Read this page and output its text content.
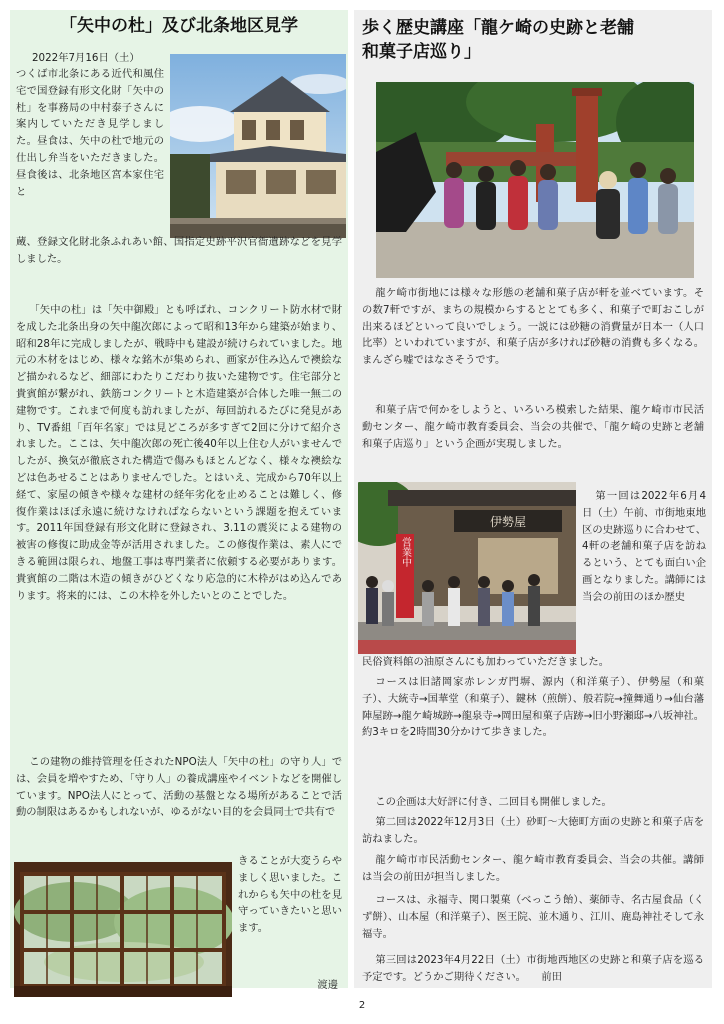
「矢中の杜」及び北条地区見学

2022年7月16日（土）

つくば市北条にある近代和風住宅で国登録有形文化財「矢中の杜」を事務局の中村泰子さんに案内していただき見学しました。昼食は、矢中の杜で地元の仕出し弁当をいただきました。昼食後は、北条地区宮本家住宅と

蔵、登録文化財北条ふれあい館、国指定史跡平沢官衙遺跡などを見学しました。

「矢中の杜」は「矢中御殿」とも呼ばれ、コンクリート防水材で財を成した北条出身の矢中龍次郎によって昭和13年から建築が始まり、昭和28年に完成しましたが、戦時中も建設が続けられていました。地元の木材をはじめ、様々な銘木が集められ、画家が住み込んで襖絵など描かれるなど、細部にわたりこだわり抜いた建物です。住宅部分と貴賓館が繋がれ、鉄筋コンクリートと木造建築が合体した唯一無二の建物です。これまで何度も訪れましたが、毎回訪れるたびに発見があり、TV番組「百年名家」では見どころが多すぎて2回に分けて紹介されました。ここは、矢中龍次郎の死亡後40年以上住む人がいませんでしたが、換気が徹底された構造で傷みもほとんどなく、様々な襖絵などは色あせることはありませんでした。とはいえ、完成から70年以上経て、家屋の傾きや様々な建材の経年劣化を止めることは難しく、修復作業はほぼ永遠に続けなければならないという課題を抱えています。2011年国登録有形文化財に登録され、3.11の震災による建物の被害の修復に助成金等が活用されました。この修復作業は、素人にできる範囲は限られ、地盤工事は専門業者に依頼する必要があります。貴賓館の二階は木造の傾きがひどくなり応急的に木枠がはめ込んであります。将来的には、この木枠を外したいとのことでした。

この建物の維持管理を任されたNPO法人「矢中の杜」の守り人」では、会員を増やすため、「守り人」の養成講座やイベントなどを開催しています。NPO法人にとって、活動の基盤となる場所があることで活動の制限はあるかもしれないが、ゆるがない目的を会員同士で共有で

きることが大変うらやましく思いました。これからも矢中の杜を見守っていきたいと思います。

渡邊
歩く歴史講座「龍ケ崎の史跡と老舗
和菓子店巡り」

龍ケ崎市街地には様々な形態の老舗和菓子店が軒を並べています。その数7軒ですが、まちの規模からするととても多く、和菓子で町おこしが出来るほどといって良いでしょう。一説には砂糖の消費量が日本一（人口比率）といわれていますが、和菓子店が多ければ砂糖の消費も多くなる。まんざら嘘ではなさそうです。

和菓子店で何かをしようと、いろいろ模索した結果、龍ケ崎市市民活動センター、龍ケ崎市教育委員会、当会の共催で、「龍ケ崎の史跡と老舗和菓子店巡り」という企画が実現しました。

伊勢屋
営業中

第一回は2022年6月4日（土）午前、市街地東地区の史跡巡りに合わせて、4軒の老舗和菓子店を訪ねるという、とても面白い企画となりました。講師には当会の前田のほか歴史

民俗資料館の油原さんにも加わっていただきました。

コースは旧諸岡家赤レンガ門塀、源内（和洋菓子）、伊勢屋（和菓子）、大統寺→国華堂（和菓子）、鍵林（煎餅）、般若院→撞舞通り→仙台藩陣屋跡→龍ケ崎城跡→龍泉寺→岡田屋和菓子店跡→旧小野瀬邸→八坂神社。約3キロを2時間30分かけて歩きました。

この企画は大好評に付き、二回目も開催しました。

第二回は2022年12月3日（土）砂町～大徳町方面の史跡と和菓子店を訪ねました。

龍ケ崎市市民活動センター、龍ケ崎市教育委員会、当会の共催。講師は当会の前田が担当しました。

コースは、永福寺、関口製菓（べっこう飴）、薬師寺、名古屋食品（くず餅）、山本屋（和洋菓子）、医王院、並木通り、江川、鹿島神社そして永福寺。

第三回は2023年4月22日（土）市街地西地区の史跡と和菓子店を巡る予定です。どうかご期待ください。　　 前田

2
